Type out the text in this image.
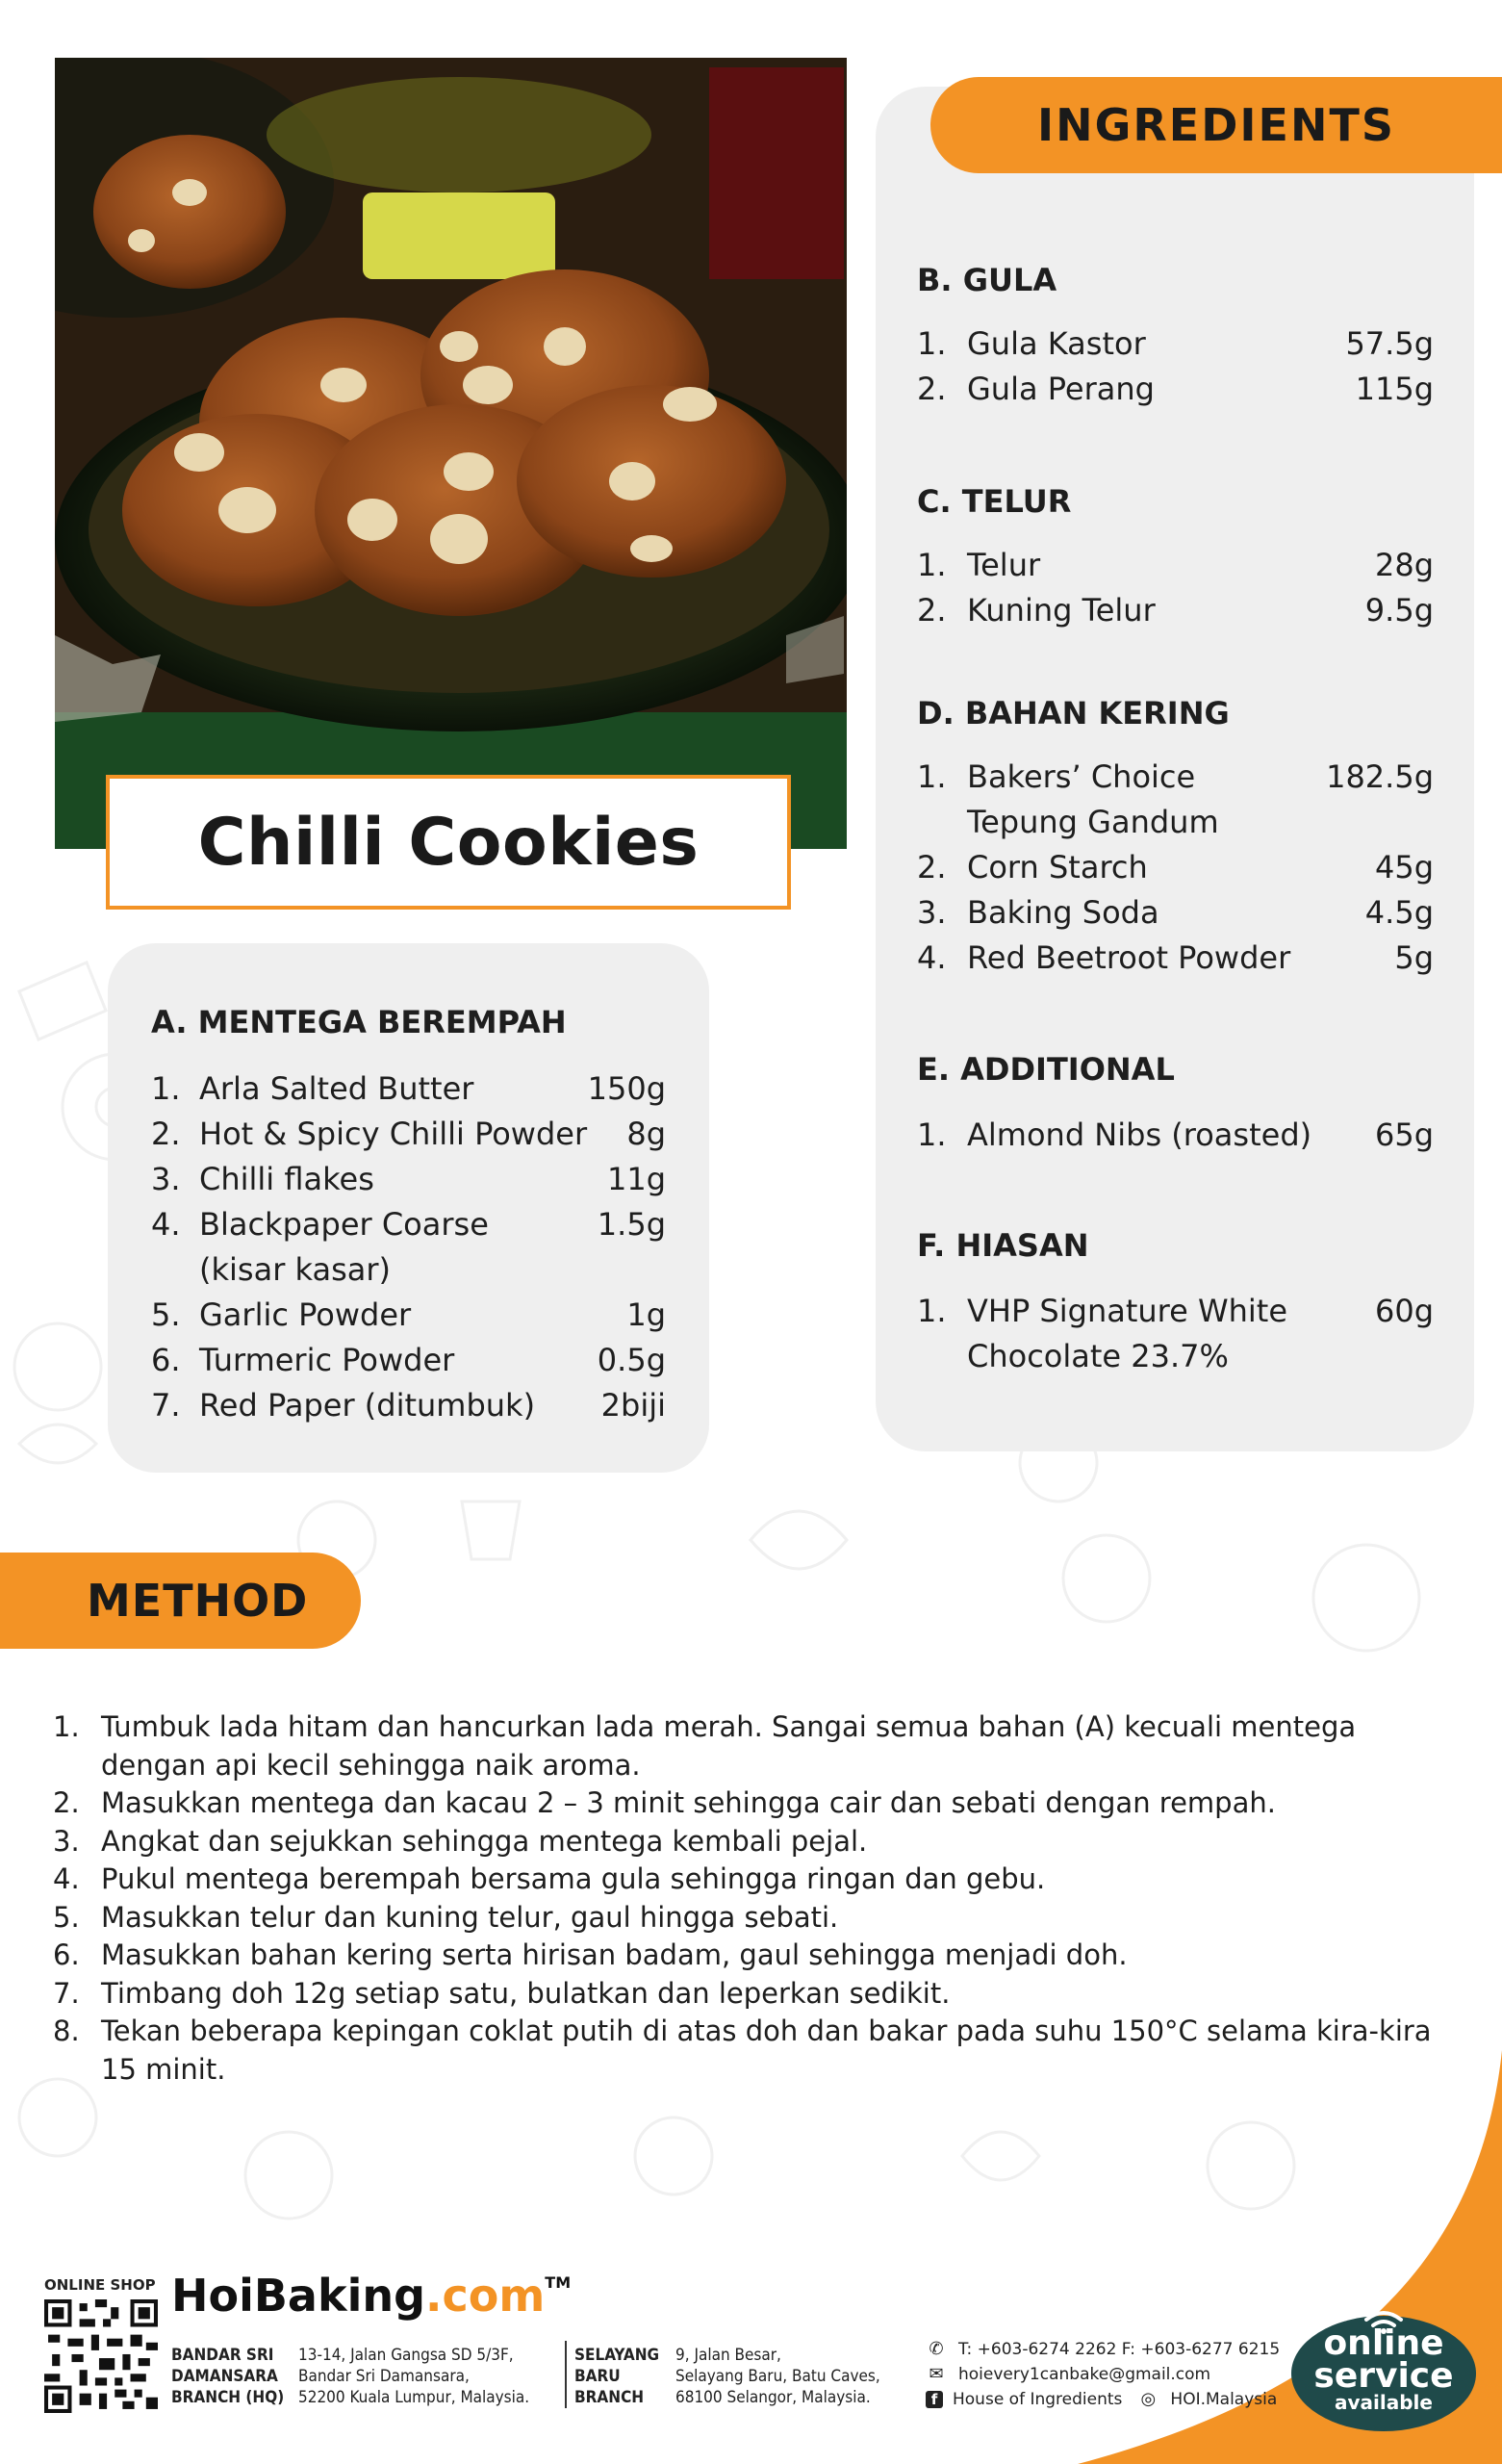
Chilli Cookies
A. MENTEGA BEREMPAH
1. Arla Salted Butter	150g
2. Hot & Spicy Chilli Powder 8g
3. Chilli flakes	11g
4. Blackpaper Coarse	1.5g
(kisar kasar)
5. Garlic Powder	1g
6. Turmeric Powder	0.5g
7. Red Paper (ditumbuk) 2biji
INGREDIENTS
B. GULA
1. Gula Kastor	57.5g
2. Gula Perang	115g
C. TELUR
1. Telur	28g
2. Kuning Telur	9.5g
D. BAHAN KERING
1. Bakers’ Choice	182.5g
Tepung Gandum
2. Corn Starch	45g
3. Baking Soda	4.5g
4. Red Beetroot Powder	5g
E. ADDITIONAL
1. Almond Nibs (roasted) 65g
F. HIASAN
1. VHP Signature White	60g
Chocolate 23.7%
METHOD
1. Tumbuk lada hitam dan hancurkan lada merah. Sangai semua bahan (A) kecuali mentega dengan api kecil sehingga naik aroma.
2. Masukkan mentega dan kacau 2 – 3 minit sehingga cair dan sebati dengan rempah.
3. Angkat dan sejukkan sehingga mentega kembali pejal.
4. Pukul mentega berempah bersama gula sehingga ringan dan gebu.
5. Masukkan telur dan kuning telur, gaul hingga sebati.
6. Masukkan bahan kering serta hirisan badam, gaul sehingga menjadi doh.
7. Timbang doh 12g setiap satu, bulatkan dan leperkan sedikit.
8. Tekan beberapa kepingan coklat putih di atas doh dan bakar pada suhu 150°C selama kira-kira 15 minit.
ONLINE SHOP HoiBaking.com™
BANDAR SRI
DAMANSARA
BRANCH (HQ)
13-14, Jalan Gangsa SD 5/3F,
Bandar Sri Damansara,
52200 Kuala Lumpur, Malaysia.
SELAYANG
BARU
BRANCH
9, Jalan Besar,
Selayang Baru, Batu Caves,
68100 Selangor, Malaysia.
✆ T: +603-6274 2262 F: +603-6277 6215
✉ hoievery1canbake@gmail.com
f House of Ingredients ◎ HOI.Malaysia
online
service
available
